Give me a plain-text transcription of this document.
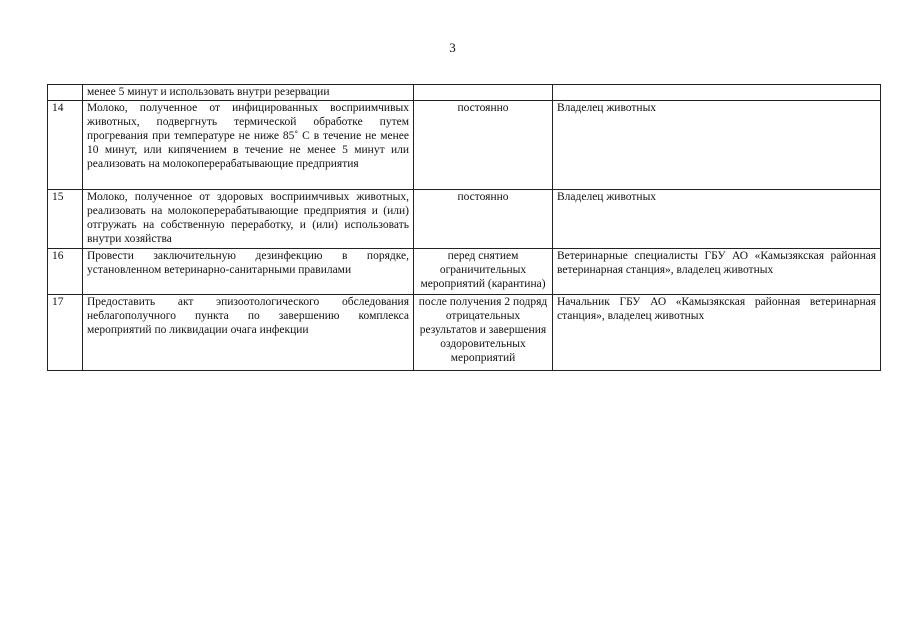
3
	менее 5 минут и использовать внутри резервации		
14	Молоко, полученное от инфицированных восприимчивых животных, подвергнуть термической обработке путем прогревания при температуре не ниже 85˚ С в течение не менее 10 минут, или кипячением в течение не менее 5 минут или реализовать на молокоперерабатывающие предприятия	постоянно	Владелец животных
15	Молоко, полученное от здоровых восприимчивых животных, реализовать на молокоперерабатывающие предприятия и (или) отгружать на собственную переработку, и (или) использовать внутри хозяйства	постоянно	Владелец животных
16	Провести заключительную дезинфекцию в порядке, установленном ветеринарно-санитарными правилами	перед снятием ограничительных мероприятий (карантина)	Ветеринарные специалисты ГБУ АО «Камызякская районная ветеринарная станция», владелец животных
17	Предоставить акт эпизоотологического обследования неблагополучного пункта по завершению комплекса мероприятий по ликвидации очага инфекции	после получения 2 подряд отрицательных результатов и завершения оздоровительных мероприятий	Начальник ГБУ АО «Камызякская районная ветеринарная станция», владелец животных
